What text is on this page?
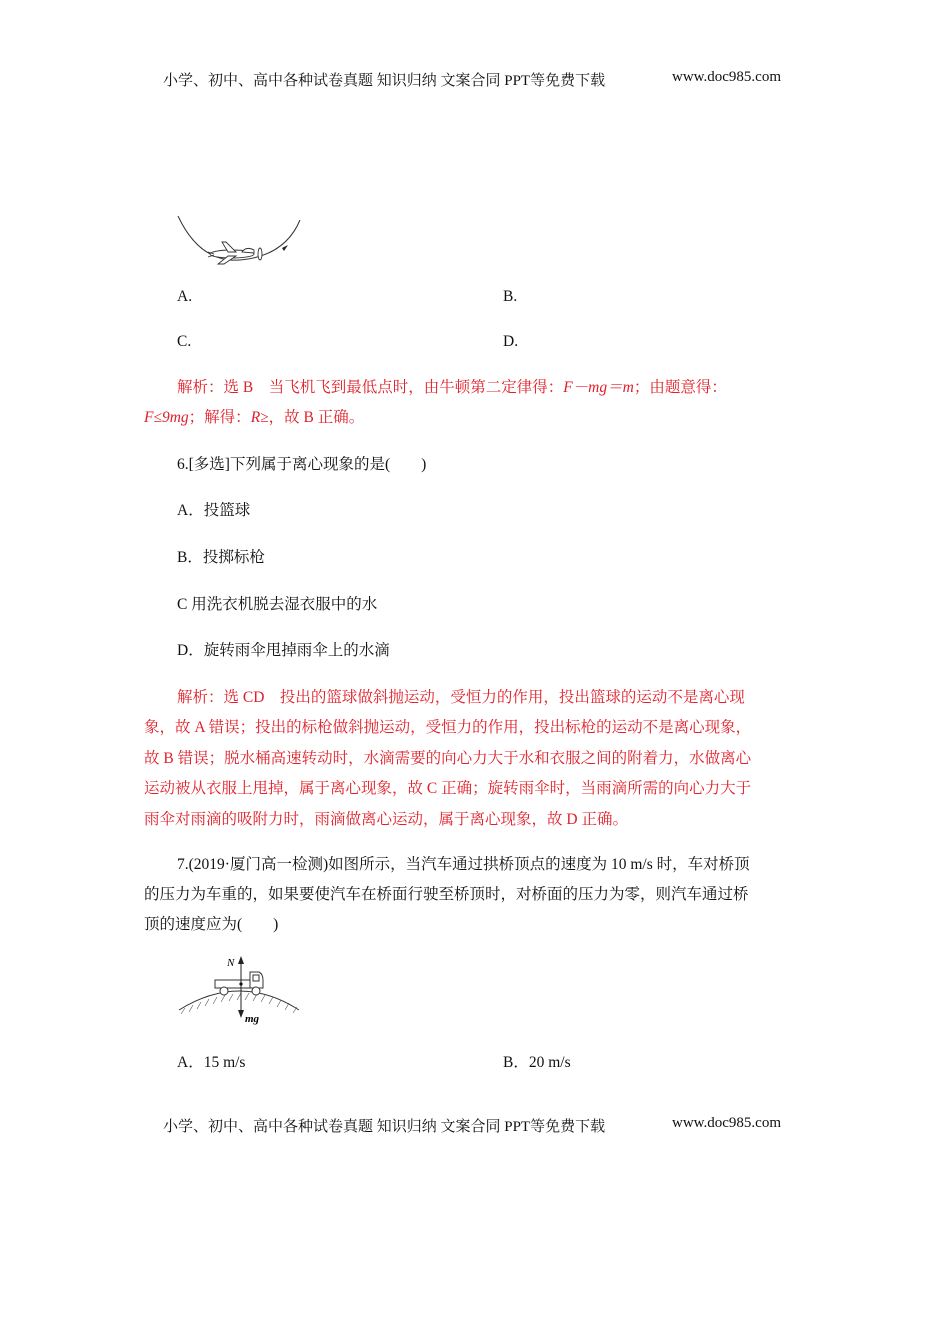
小学、初中、高中各种试卷真题 知识归纳 文案合同 PPT等免费下载	www.doc985.com
A.	B.
C.	D.
解析：选 B　当飞机飞到最低点时，由牛顿第二定律得：F－mg＝m；由题意得：
F≤9mg；解得：R≥，故 B 正确。
6.[多选]下列属于离心现象的是(　　)
A．投篮球
B．投掷标枪
C 用洗衣机脱去湿衣服中的水
D．旋转雨伞甩掉雨伞上的水滴
解析：选 CD　投出的篮球做斜抛运动，受恒力的作用，投出篮球的运动不是离心现
象，故 A 错误；投出的标枪做斜抛运动，受恒力的作用，投出标枪的运动不是离心现象，
故 B 错误；脱水桶高速转动时，水滴需要的向心力大于水和衣服之间的附着力，水做离心
运动被从衣服上甩掉，属于离心现象，故 C 正确；旋转雨伞时，当雨滴所需的向心力大于
雨伞对雨滴的吸附力时，雨滴做离心运动，属于离心现象，故 D 正确。
7.(2019·厦门高一检测)如图所示，当汽车通过拱桥顶点的速度为 10 m/s 时，车对桥顶
的压力为车重的，如果要使汽车在桥面行驶至桥顶时，对桥面的压力为零，则汽车通过桥
顶的速度应为(　　)
N
mg
A．15 m/s	B．20 m/s
小学、初中、高中各种试卷真题 知识归纳 文案合同 PPT等免费下载	www.doc985.com
